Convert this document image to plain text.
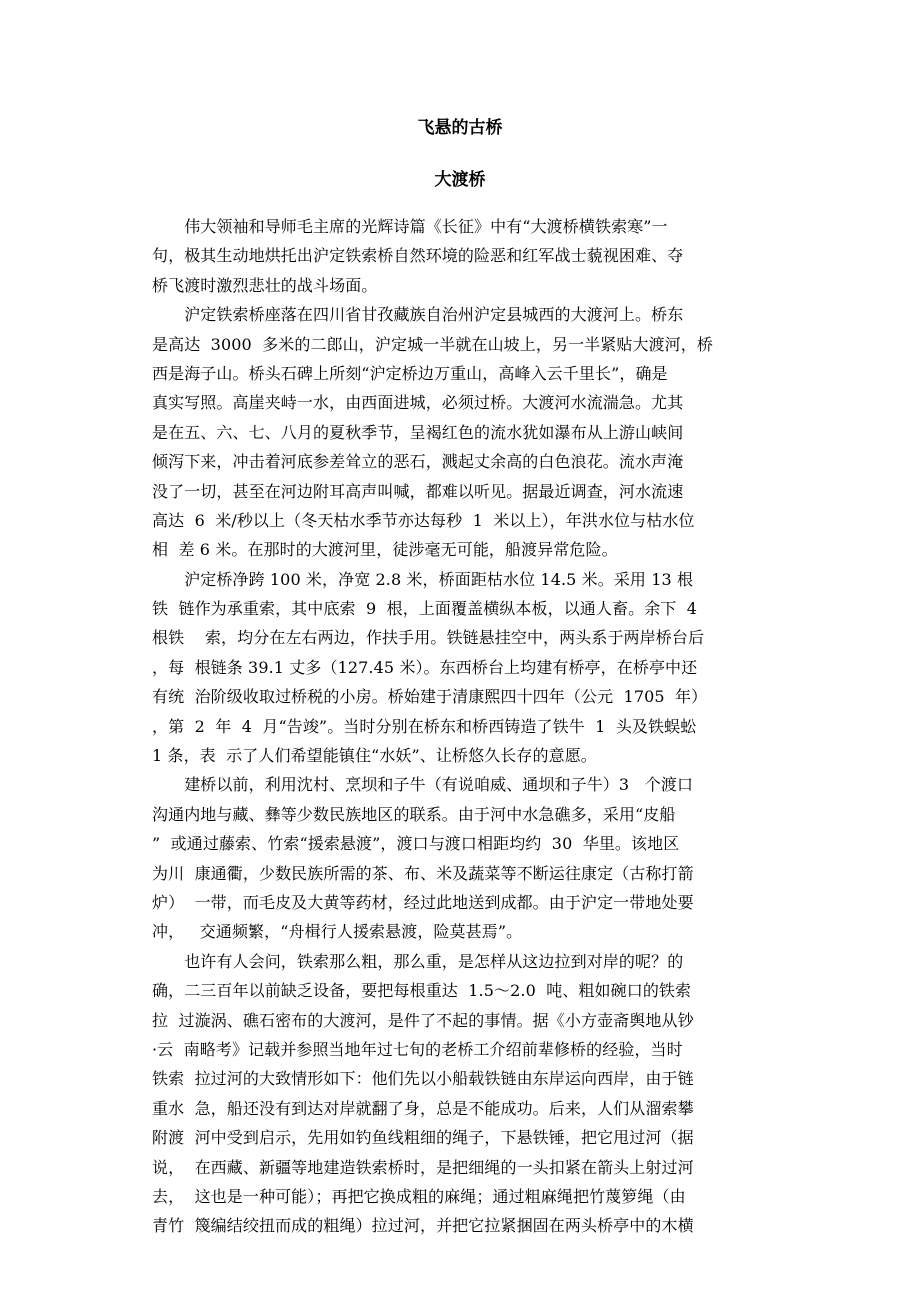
飞悬的古桥
大渡桥
　　伟大领袖和导师毛主席的光辉诗篇《长征》中有“大渡桥横铁索寒”一
句，极其生动地烘托出沪定铁索桥自然环境的险恶和红军战士藐视困难、夺
桥飞渡时激烈悲壮的战斗场面。
　　沪定铁索桥座落在四川省甘孜藏族自治州沪定县城西的大渡河上。桥东
是高达  3000  多米的二郎山，沪定城一半就在山坡上，另一半紧贴大渡河，桥
西是海子山。桥头石碑上所刻“沪定桥边万重山，高峰入云千里长”，确是
真实写照。高崖夹峙一水，由西面进城，必须过桥。大渡河水流湍急。尤其
是在五、六、七、八月的夏秋季节，呈褐红色的流水犹如瀑布从上游山峡间
倾泻下来，冲击着河底参差耸立的恶石，溅起丈余高的白色浪花。流水声淹
没了一切，甚至在河边附耳高声叫喊，都难以听见。据最近调查，河水流速
高达  6  米/秒以上（冬天枯水季节亦达每秒  1  米以上），年洪水位与枯水位
相  差 6 米。在那时的大渡河里，徒涉毫无可能，船渡异常危险。
　　沪定桥净跨 100 米，净宽 2.8 米，桥面距枯水位 14.5 米。采用 13 根
铁  链作为承重索，其中底索  9  根，上面覆盖横纵本板，以通人畜。余下  4
根铁    索，均分在左右两边，作扶手用。铁链悬挂空中，两头系于两岸桥台后
，每  根链条 39.1 丈多（127.45 米）。东西桥台上均建有桥亭，在桥亭中还
有统  治阶级收取过桥税的小房。桥始建于清康熙四十四年（公元  1705  年）
，第  2  年  4  月“告竣”。当时分别在桥东和桥西铸造了铁牛  1  头及铁蜈蚣
1 条，表  示了人们希望能镇住“水妖”、让桥悠久长存的意愿。
　　建桥以前，利用沈村、烹坝和子牛（有说咱威、通坝和子牛）3   个渡口
沟通内地与藏、彝等少数民族地区的联系。由于河中水急礁多，采用“皮船
”  或通过藤索、竹索“援索悬渡”，渡口与渡口相距均约  30  华里。该地区
为川  康通衢，少数民族所需的茶、布、米及蔬菜等不断运往康定（古称打箭
炉）  一带，而毛皮及大黄等药材，经过此地送到成都。由于沪定一带地处要
冲，   交通频繁，“舟楫行人援索悬渡，险莫甚焉”。
　　也许有人会问，铁索那么粗，那么重，是怎样从这边拉到对岸的呢？的
确，二三百年以前缺乏设备，要把每根重达  1.5～2.0  吨、粗如碗口的铁索
拉  过漩涡、礁石密布的大渡河，是件了不起的事情。据《小方壶斋舆地从钞
·云  南略考》记载并参照当地年过七旬的老桥工介绍前辈修桥的经验，当时
铁索  拉过河的大致情形如下：他们先以小船载铁链由东岸运向西岸，由于链
重水  急，船还没有到达对岸就翻了身，总是不能成功。后来，人们从溜索攀
附渡  河中受到启示，先用如钓鱼线粗细的绳子，下悬铁锤，把它甩过河（据
说，  在西藏、新疆等地建造铁索桥时，是把细绳的一头扣紧在箭头上射过河
去，  这也是一种可能）；再把它换成粗的麻绳；通过粗麻绳把竹蔑箩绳（由
青竹  篾编结绞扭而成的粗绳）拉过河，并把它拉紧捆固在两头桥亭中的木横
